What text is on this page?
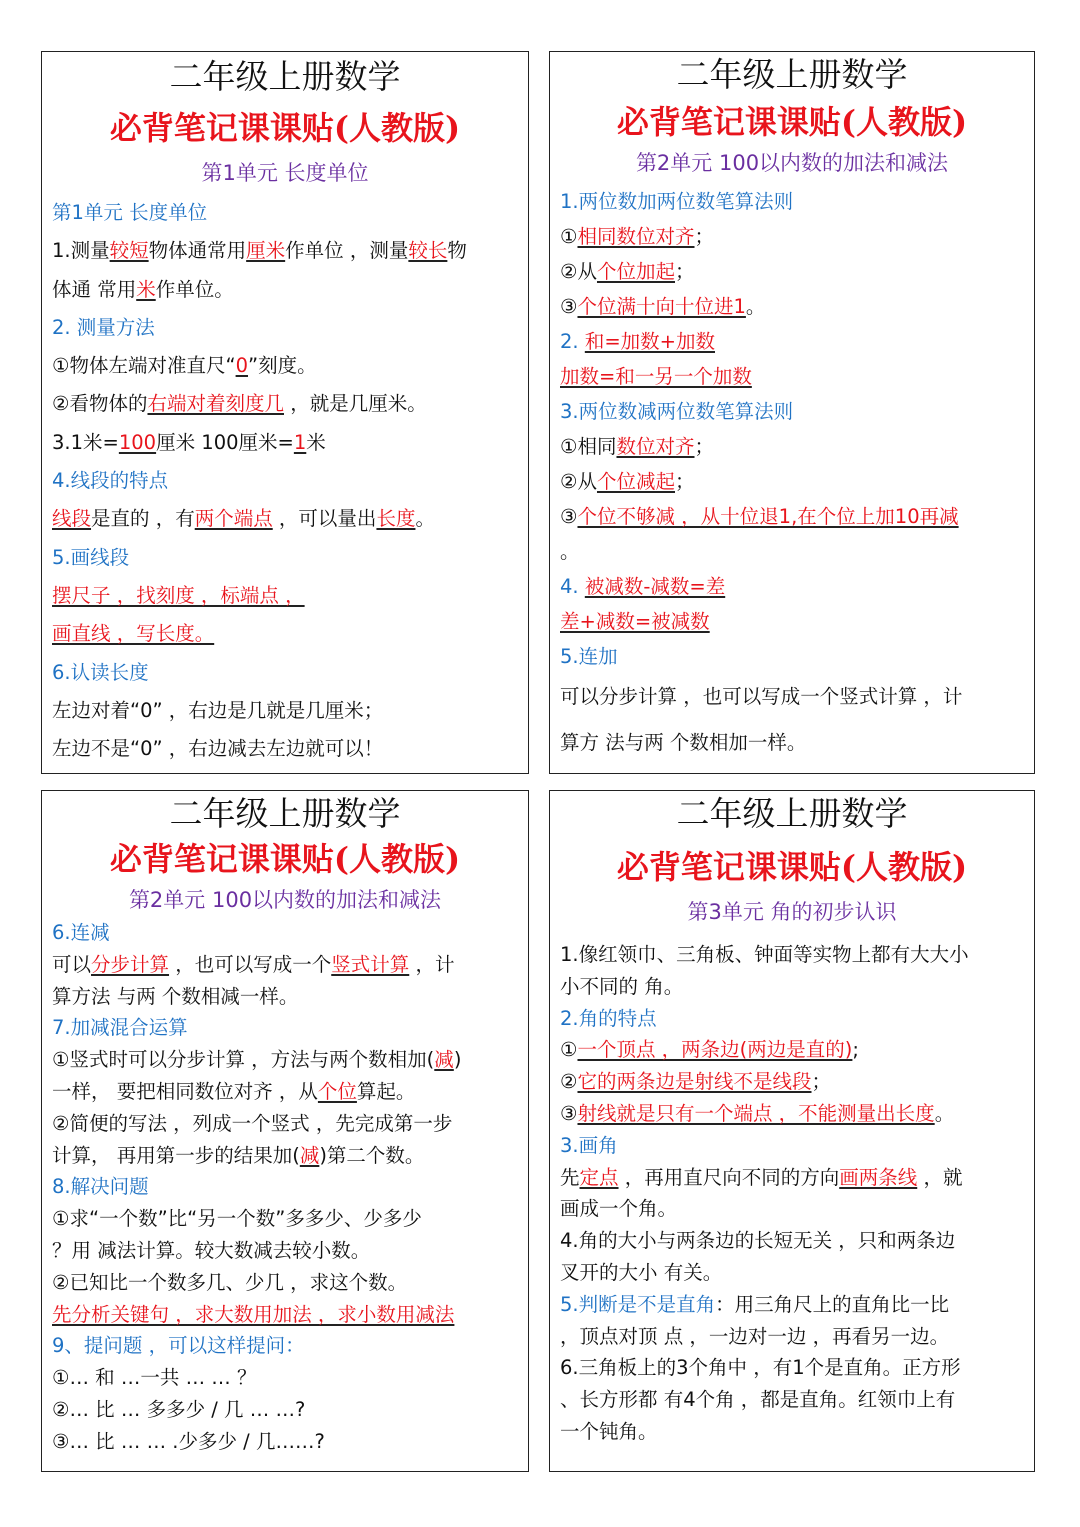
二年级上册数学
必背笔记课课贴(人教版)
第1单元 长度单位
第1单元 长度单位
1.测量较短物体通常用厘米作单位 ，测量较长物
体通 常用米作单位。
2. 测量方法
①物体左端对准直尺“0”刻度。
②看物体的右端对着刻度几 ，就是几厘米。
3.1米=100厘米 100厘米=1米
4.线段的特点
线段是直的 ，有两个端点 ，可以量出长度。
5.画线段
摆尺子 ，找刻度 ，标端点 ，
画直线 ，写长度。
6.认读长度
左边对着“0” ，右边是几就是几厘米；
左边不是“0” ，右边减去左边就可以！
二年级上册数学
必背笔记课课贴(人教版)
第2单元 100以内数的加法和减法
1.两位数加两位数笔算法则
①相同数位对齐；
②从个位加起；
③个位满十向十位进1。
2. 和=加数+加数
加数=和一另一个加数
3.两位数减两位数笔算法则
①相同数位对齐；
②从个位减起；
③个位不够减 ，从十位退1,在个位上加10再减
。
4. 被减数-减数=差
差+减数=被减数
5.连加
可以分步计算 ，也可以写成一个竖式计算 ，计
算方 法与两 个数相加一样。
二年级上册数学
必背笔记课课贴(人教版)
第2单元 100以内数的加法和减法
6.连减
可以分步计算 ，也可以写成一个竖式计算 ，计
算方法 与两 个数相减一样。
7.加减混合运算
①竖式时可以分步计算 ，方法与两个数相加(减)
一样， 要把相同数位对齐 ，从个位算起。
②简便的写法 ，列成一个竖式 ，先完成第一步
计算， 再用第一步的结果加(减)第二个数。
8.解决问题
①求“一个数”比“另一个数”多多少、少多少
？用 减法计算。较大数减去较小数。
②已知比一个数多几、少几 ，求这个数。
先分析关键句 ，求大数用加法 ，求小数用减法
9、提问题 ，可以这样提问：
①… 和 …一共 … … ？
②… 比 … 多多少 / 几 … …?
③… 比 … … .少多少 / 几……?
二年级上册数学
必背笔记课课贴(人教版)
第3单元 角的初步认识
1.像红领巾、三角板、钟面等实物上都有大大小
小不同的 角。
2.角的特点
①一个顶点 ，两条边(两边是直的);
②它的两条边是射线不是线段；
③射线就是只有一个端点 ，不能测量出长度。
3.画角
先定点 ，再用直尺向不同的方向画两条线 ，就
画成一个角。
4.角的大小与两条边的长短无关 ，只和两条边
叉开的大小 有关。
5.判断是不是直角：用三角尺上的直角比一比
，顶点对顶 点 ，一边对一边 ，再看另一边。
6.三角板上的3个角中 ，有1个是直角。正方形
、长方形都 有4个角 ，都是直角。红领巾上有
一个钝角。
